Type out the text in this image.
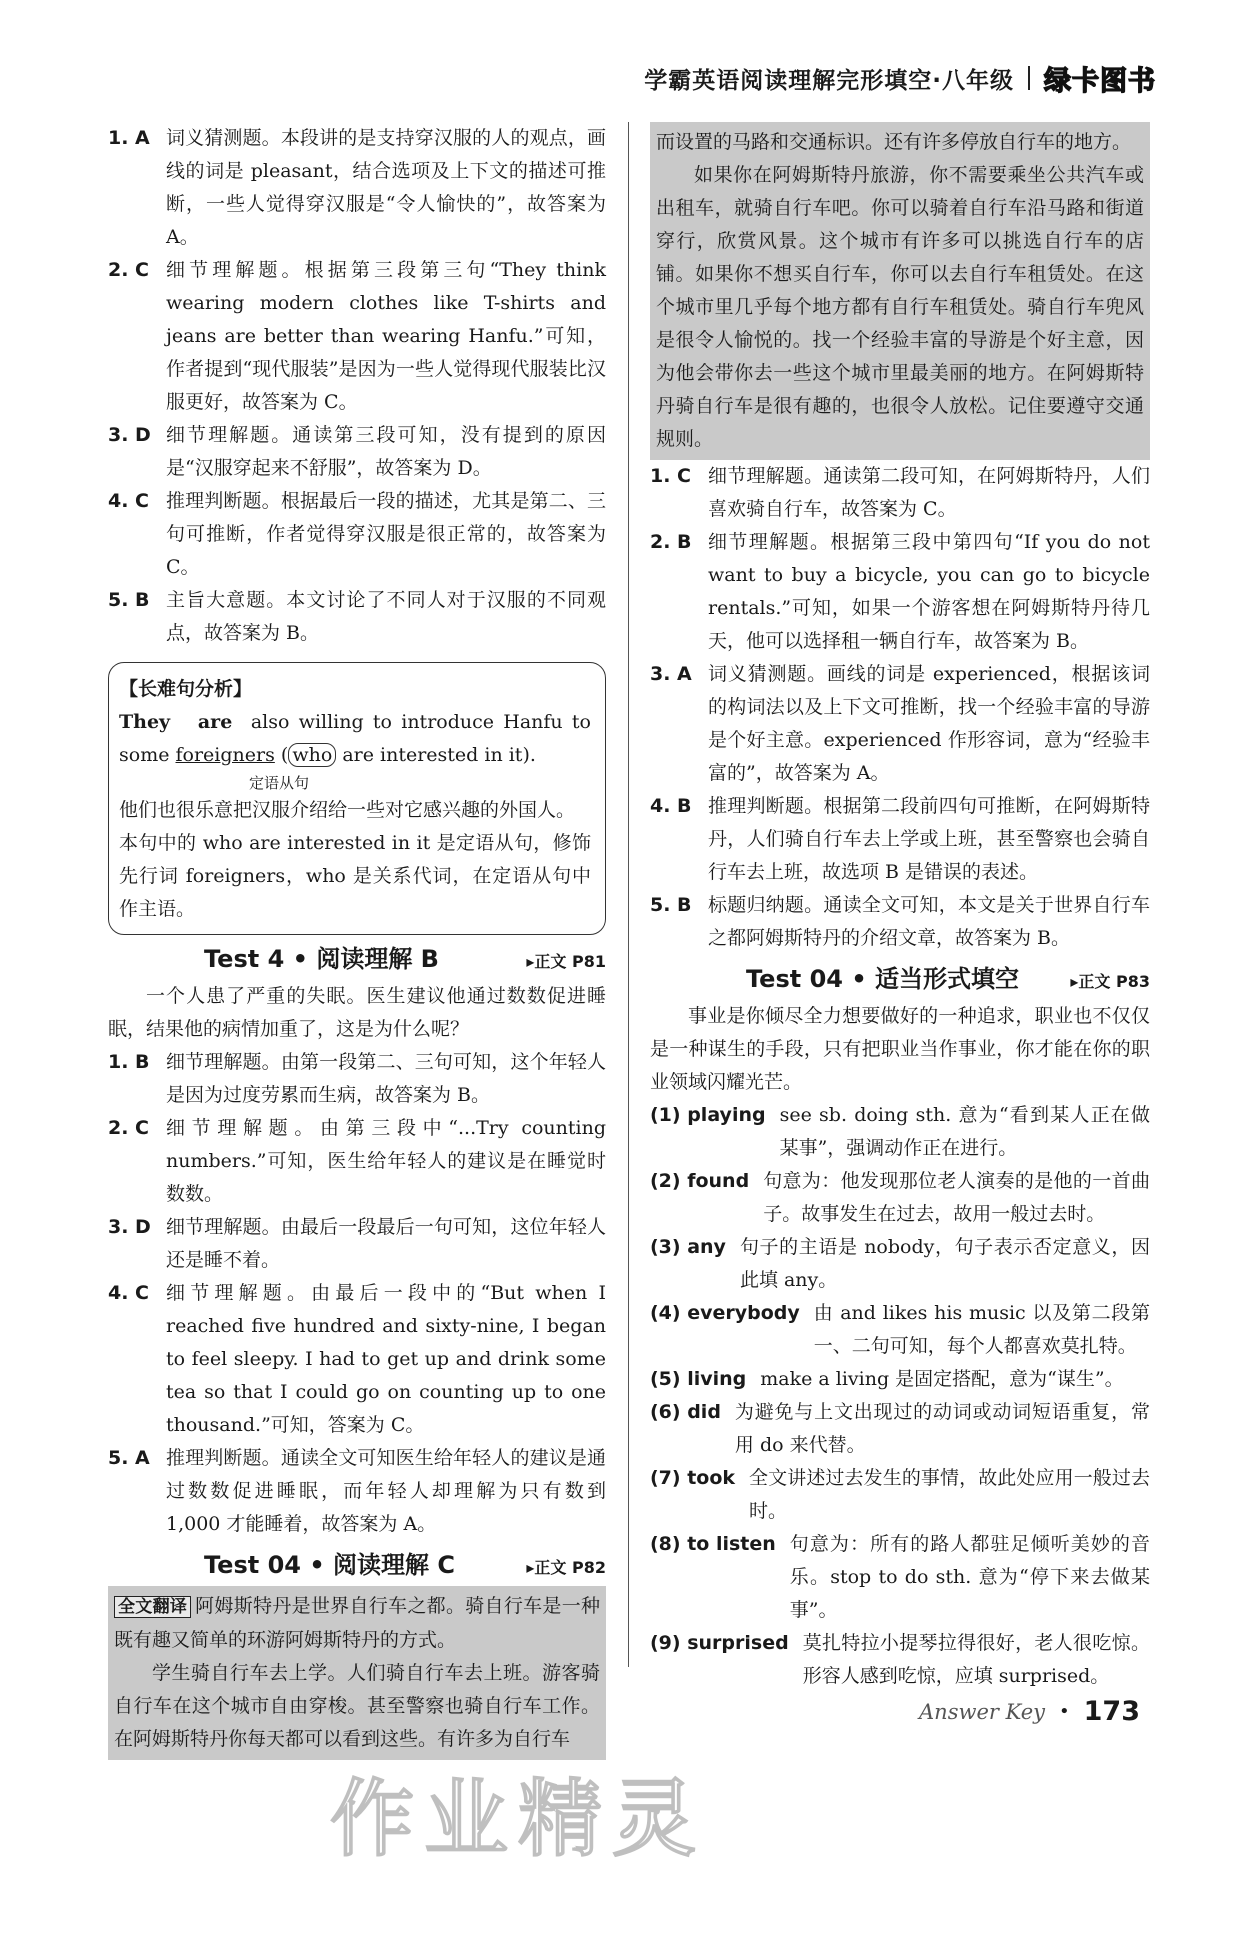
学霸英语阅读理解完形填空·八年级 绿卡图书
1. A 词义猜测题。本段讲的是支持穿汉服的人的观点，画线的词是 pleasant，结合选项及上下文的描述可推断，一些人觉得穿汉服是“令人愉快的”，故答案为 A。
2. C 细节理解题。根据第三段第三句“They think wearing modern clothes like T-shirts and jeans are better than wearing Hanfu.”可知，作者提到“现代服装”是因为一些人觉得现代服装比汉服更好，故答案为 C。
3. D 细节理解题。通读第三段可知，没有提到的原因是“汉服穿起来不舒服”，故答案为 D。
4. C 推理判断题。根据最后一段的描述，尤其是第二、三句可推断，作者觉得穿汉服是很正常的，故答案为 C。
5. B 主旨大意题。本文讨论了不同人对于汉服的不同观点，故答案为 B。
【长难句分析】
They are also willing to introduce Hanfu to some foreigners ( who are interested in it).
定语从句
他们也很乐意把汉服介绍给一些对它感兴趣的外国人。
本句中的 who are interested in it 是定语从句，修饰先行词 foreigners，who 是关系代词，在定语从句中作主语。
Test 4 • 阅读理解 B	▸正文 P81
一个人患了严重的失眠。医生建议他通过数数促进睡眠，结果他的病情加重了，这是为什么呢？
1. B 细节理解题。由第一段第二、三句可知，这个年轻人是因为过度劳累而生病，故答案为 B。
2. C 细节理解题。由第三段中“...Try counting numbers.”可知，医生给年轻人的建议是在睡觉时数数。
3. D 细节理解题。由最后一段最后一句可知，这位年轻人还是睡不着。
4. C 细节理解题。由最后一段中的“But when I reached five hundred and sixty-nine, I began to feel sleepy. I had to get up and drink some tea so that I could go on counting up to one thousand.”可知，答案为 C。
5. A 推理判断题。通读全文可知医生给年轻人的建议是通过数数促进睡眠，而年轻人却理解为只有数到 1,000 才能睡着，故答案为 A。
Test 04 • 阅读理解 C	▸正文 P82
全文翻译 阿姆斯特丹是世界自行车之都。骑自行车是一种既有趣又简单的环游阿姆斯特丹的方式。
学生骑自行车去上学。人们骑自行车去上班。游客骑自行车在这个城市自由穿梭。甚至警察也骑自行车工作。在阿姆斯特丹你每天都可以看到这些。有许多为自行车
而设置的马路和交通标识。还有许多停放自行车的地方。
如果你在阿姆斯特丹旅游，你不需要乘坐公共汽车或出租车，就骑自行车吧。你可以骑着自行车沿马路和街道穿行，欣赏风景。这个城市有许多可以挑选自行车的店铺。如果你不想买自行车，你可以去自行车租赁处。在这个城市里几乎每个地方都有自行车租赁处。骑自行车兜风是很令人愉悦的。找一个经验丰富的导游是个好主意，因为他会带你去一些这个城市里最美丽的地方。在阿姆斯特丹骑自行车是很有趣的，也很令人放松。记住要遵守交通规则。
1. C 细节理解题。通读第二段可知，在阿姆斯特丹，人们喜欢骑自行车，故答案为 C。
2. B 细节理解题。根据第三段中第四句“If you do not want to buy a bicycle, you can go to bicycle rentals.”可知，如果一个游客想在阿姆斯特丹待几天，他可以选择租一辆自行车，故答案为 B。
3. A 词义猜测题。画线的词是 experienced，根据该词的构词法以及上下文可推断，找一个经验丰富的导游是个好主意。experienced 作形容词，意为“经验丰富的”，故答案为 A。
4. B 推理判断题。根据第二段前四句可推断，在阿姆斯特丹，人们骑自行车去上学或上班，甚至警察也会骑自行车去上班，故选项 B 是错误的表述。
5. B 标题归纳题。通读全文可知，本文是关于世界自行车之都阿姆斯特丹的介绍文章，故答案为 B。
Test 04 • 适当形式填空	▸正文 P83
事业是你倾尽全力想要做好的一种追求，职业也不仅仅是一种谋生的手段，只有把职业当作事业，你才能在你的职业领域闪耀光芒。
(1) playing see sb. doing sth. 意为“看到某人正在做某事”，强调动作正在进行。
(2) found 句意为：他发现那位老人演奏的是他的一首曲子。故事发生在过去，故用一般过去时。
(3) any 句子的主语是 nobody，句子表示否定意义，因此填 any。
(4) everybody 由 and likes his music 以及第二段第一、二句可知，每个人都喜欢莫扎特。
(5) living make a living 是固定搭配，意为“谋生”。
(6) did 为避免与上文出现过的动词或动词短语重复，常用 do 来代替。
(7) took 全文讲述过去发生的事情，故此处应用一般过去时。
(8) to listen 句意为：所有的路人都驻足倾听美妙的音乐。stop to do sth. 意为“停下来去做某事”。
(9) surprised 莫扎特拉小提琴拉得很好，老人很吃惊。形容人感到吃惊，应填 surprised。
Answer Key • 173
作业精灵
